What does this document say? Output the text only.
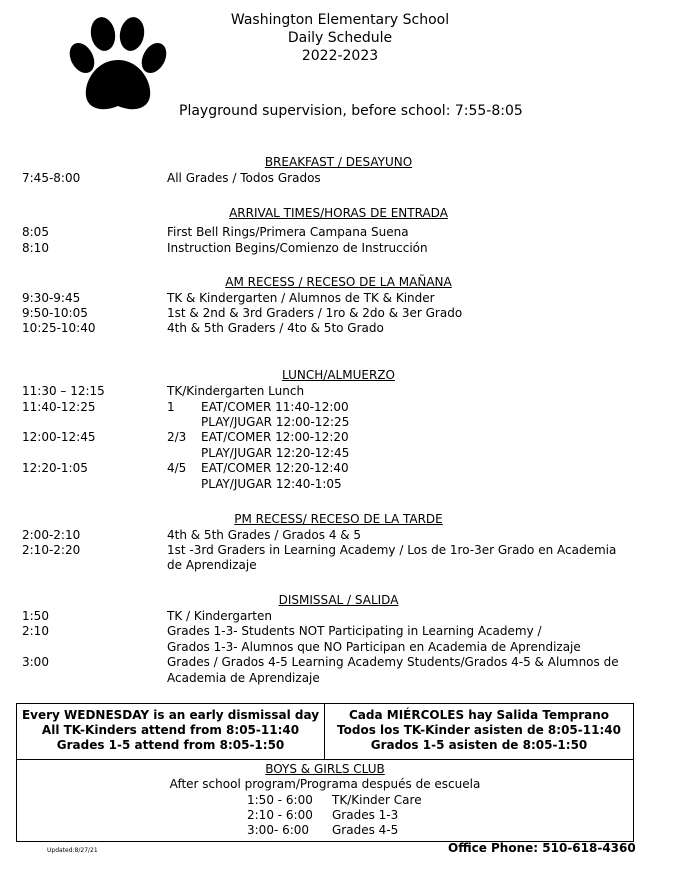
Washington Elementary School
Daily Schedule
2022-2023
Playground supervision, before school: 7:55-8:05
BREAKFAST / DESAYUNO
7:45-8:00	All Grades / Todos Grados
ARRIVAL TIMES/HORAS DE ENTRADA
8:05	First Bell Rings/Primera Campana Suena
8:10	Instruction Begins/Comienzo de Instrucción
AM RECESS / RECESO DE LA MAÑANA
9:30-9:45	TK & Kindergarten / Alumnos de TK & Kinder
9:50-10:05	1st & 2nd & 3rd Graders / 1ro & 2do & 3er Grado
10:25-10:40	4th & 5th Graders / 4to & 5to Grado
LUNCH/ALMUERZO
11:30 – 12:15	TK/Kindergarten Lunch
11:40-12:25	1 EAT/COMER 11:40-12:00
PLAY/JUGAR 12:00-12:25
12:00-12:45	2/3 EAT/COMER 12:00-12:20
PLAY/JUGAR 12:20-12:45
12:20-1:05	4/5 EAT/COMER 12:20-12:40
PLAY/JUGAR 12:40-1:05
PM RECESS/ RECESO DE LA TARDE
2:00-2:10	4th & 5th Grades / Grados 4 & 5
2:10-2:20	1st -3rd Graders in Learning Academy / Los de 1ro-3er Grado en Academia
de Aprendizaje
DISMISSAL / SALIDA
1:50	TK / Kindergarten
2:10	Grades 1-3- Students NOT Participating in Learning Academy /
Grados 1-3- Alumnos que NO Participan en Academia de Aprendizaje
3:00	Grades / Grados 4-5 Learning Academy Students/Grados 4-5 & Alumnos de
Academia de Aprendizaje
Every WEDNESDAY is an early dismissal day
All TK-Kinders attend from 8:05-11:40
Grades 1-5 attend from 8:05-1:50
Cada MIÉRCOLES hay Salida Temprano
Todos los TK-Kinder asisten de 8:05-11:40
Grados 1-5 asisten de 8:05-1:50
BOYS & GIRLS CLUB
After school program/Programa después de escuela
1:50 - 6:00 TK/Kinder Care
2:10 - 6:00 Grades 1-3
3:00- 6:00 Grades 4-5
Updated:8/27/21	Office Phone: 510-618-4360
